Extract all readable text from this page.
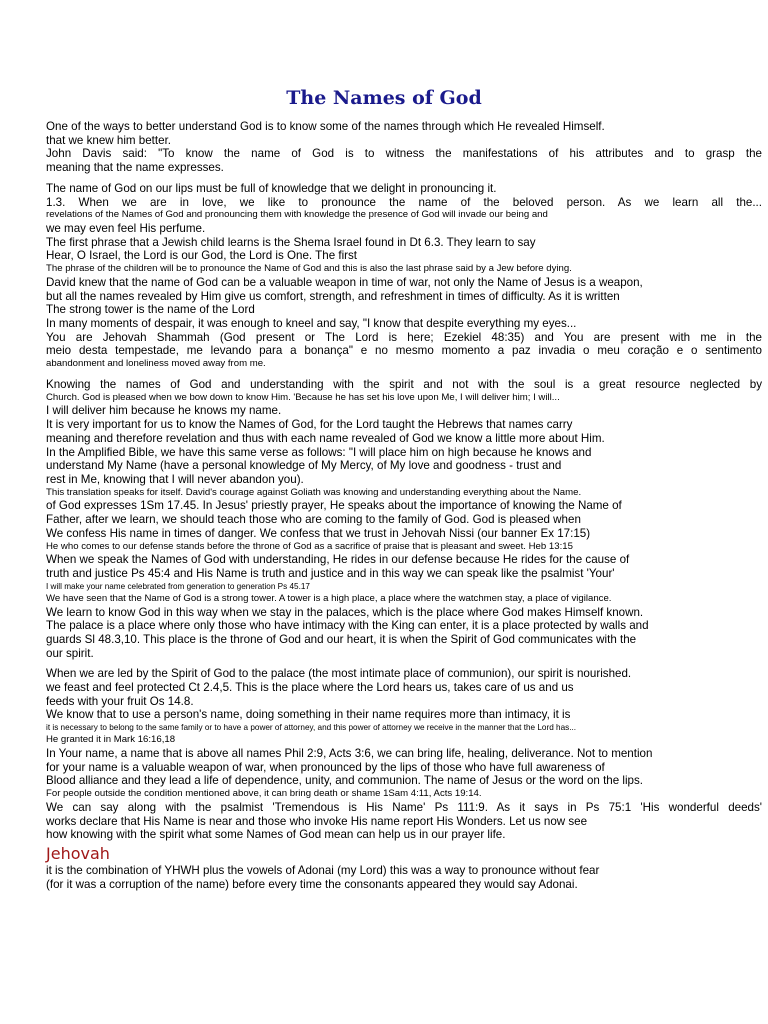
The Names of God
One of the ways to better understand God is to know some of the names through which He revealed Himself.
that we knew him better.
John Davis said: "To know the name of God is to witness the manifestations of his attributes and to grasp the
meaning that the name expresses.
The name of God on our lips must be full of knowledge that we delight in pronouncing it.
1.3. When we are in love, we like to pronounce the name of the beloved person. As we learn all the...
revelations of the Names of God and pronouncing them with knowledge the presence of God will invade our being and
we may even feel His perfume.
The first phrase that a Jewish child learns is the Shema Israel found in Dt 6.3. They learn to say
Hear, O Israel, the Lord is our God, the Lord is One. The first
The phrase of the children will be to pronounce the Name of God and this is also the last phrase said by a Jew before dying.
David knew that the name of God can be a valuable weapon in time of war, not only the Name of Jesus is a weapon,
but all the names revealed by Him give us comfort, strength, and refreshment in times of difficulty. As it is written
The strong tower is the name of the Lord
In many moments of despair, it was enough to kneel and say, "I know that despite everything my eyes...
You are Jehovah Shammah (God present or The Lord is here; Ezekiel 48:35) and You are present with me in the
meio desta tempestade, me levando para a bonança" e no mesmo momento a paz invadia o meu coração e o sentimento
abandonment and loneliness moved away from me.
Knowing the names of God and understanding with the spirit and not with the soul is a great resource neglected by
Church. God is pleased when we bow down to know Him. 'Because he has set his love upon Me, I will deliver him; I will...
I will deliver him because he knows my name.
It is very important for us to know the Names of God, for the Lord taught the Hebrews that names carry
meaning and therefore revelation and thus with each name revealed of God we know a little more about Him.
In the Amplified Bible, we have this same verse as follows: "I will place him on high because he knows and
understand My Name (have a personal knowledge of My Mercy, of My love and goodness - trust and
rest in Me, knowing that I will never abandon you).
This translation speaks for itself. David's courage against Goliath was knowing and understanding everything about the Name.
of God expresses 1Sm 17.45. In Jesus' priestly prayer, He speaks about the importance of knowing the Name of
Father, after we learn, we should teach those who are coming to the family of God. God is pleased when
We confess His name in times of danger. We confess that we trust in Jehovah Nissi (our banner Ex 17:15)
He who comes to our defense stands before the throne of God as a sacrifice of praise that is pleasant and sweet. Heb 13:15
When we speak the Names of God with understanding, He rides in our defense because He rides for the cause of
truth and justice Ps 45:4 and His Name is truth and justice and in this way we can speak like the psalmist 'Your'
I will make your name celebrated from generation to generation Ps 45.17
We have seen that the Name of God is a strong tower. A tower is a high place, a place where the watchmen stay, a place of vigilance.
We learn to know God in this way when we stay in the palaces, which is the place where God makes Himself known.
The palace is a place where only those who have intimacy with the King can enter, it is a place protected by walls and
guards Sl 48.3,10. This place is the throne of God and our heart, it is when the Spirit of God communicates with the
our spirit.
When we are led by the Spirit of God to the palace (the most intimate place of communion), our spirit is nourished.
we feast and feel protected Ct 2.4,5. This is the place where the Lord hears us, takes care of us and us
feeds with your fruit Os 14.8.
We know that to use a person's name, doing something in their name requires more than intimacy, it is
it is necessary to belong to the same family or to have a power of attorney, and this power of attorney we receive in the manner that the Lord has...
He granted it in Mark 16:16,18
In Your name, a name that is above all names Phil 2:9, Acts 3:6, we can bring life, healing, deliverance. Not to mention
for your name is a valuable weapon of war, when pronounced by the lips of those who have full awareness of
Blood alliance and they lead a life of dependence, unity, and communion. The name of Jesus or the word on the lips.
For people outside the condition mentioned above, it can bring death or shame 1Sam 4:11, Acts 19:14.
We can say along with the psalmist 'Tremendous is His Name' Ps 111:9. As it says in Ps 75:1 'His wonderful deeds'
works declare that His Name is near and those who invoke His name report His Wonders. Let us now see
how knowing with the spirit what some Names of God mean can help us in our prayer life.
Jehovah
it is the combination of YHWH plus the vowels of Adonai (my Lord) this was a way to pronounce without fear
(for it was a corruption of the name) before every time the consonants appeared they would say Adonai.
